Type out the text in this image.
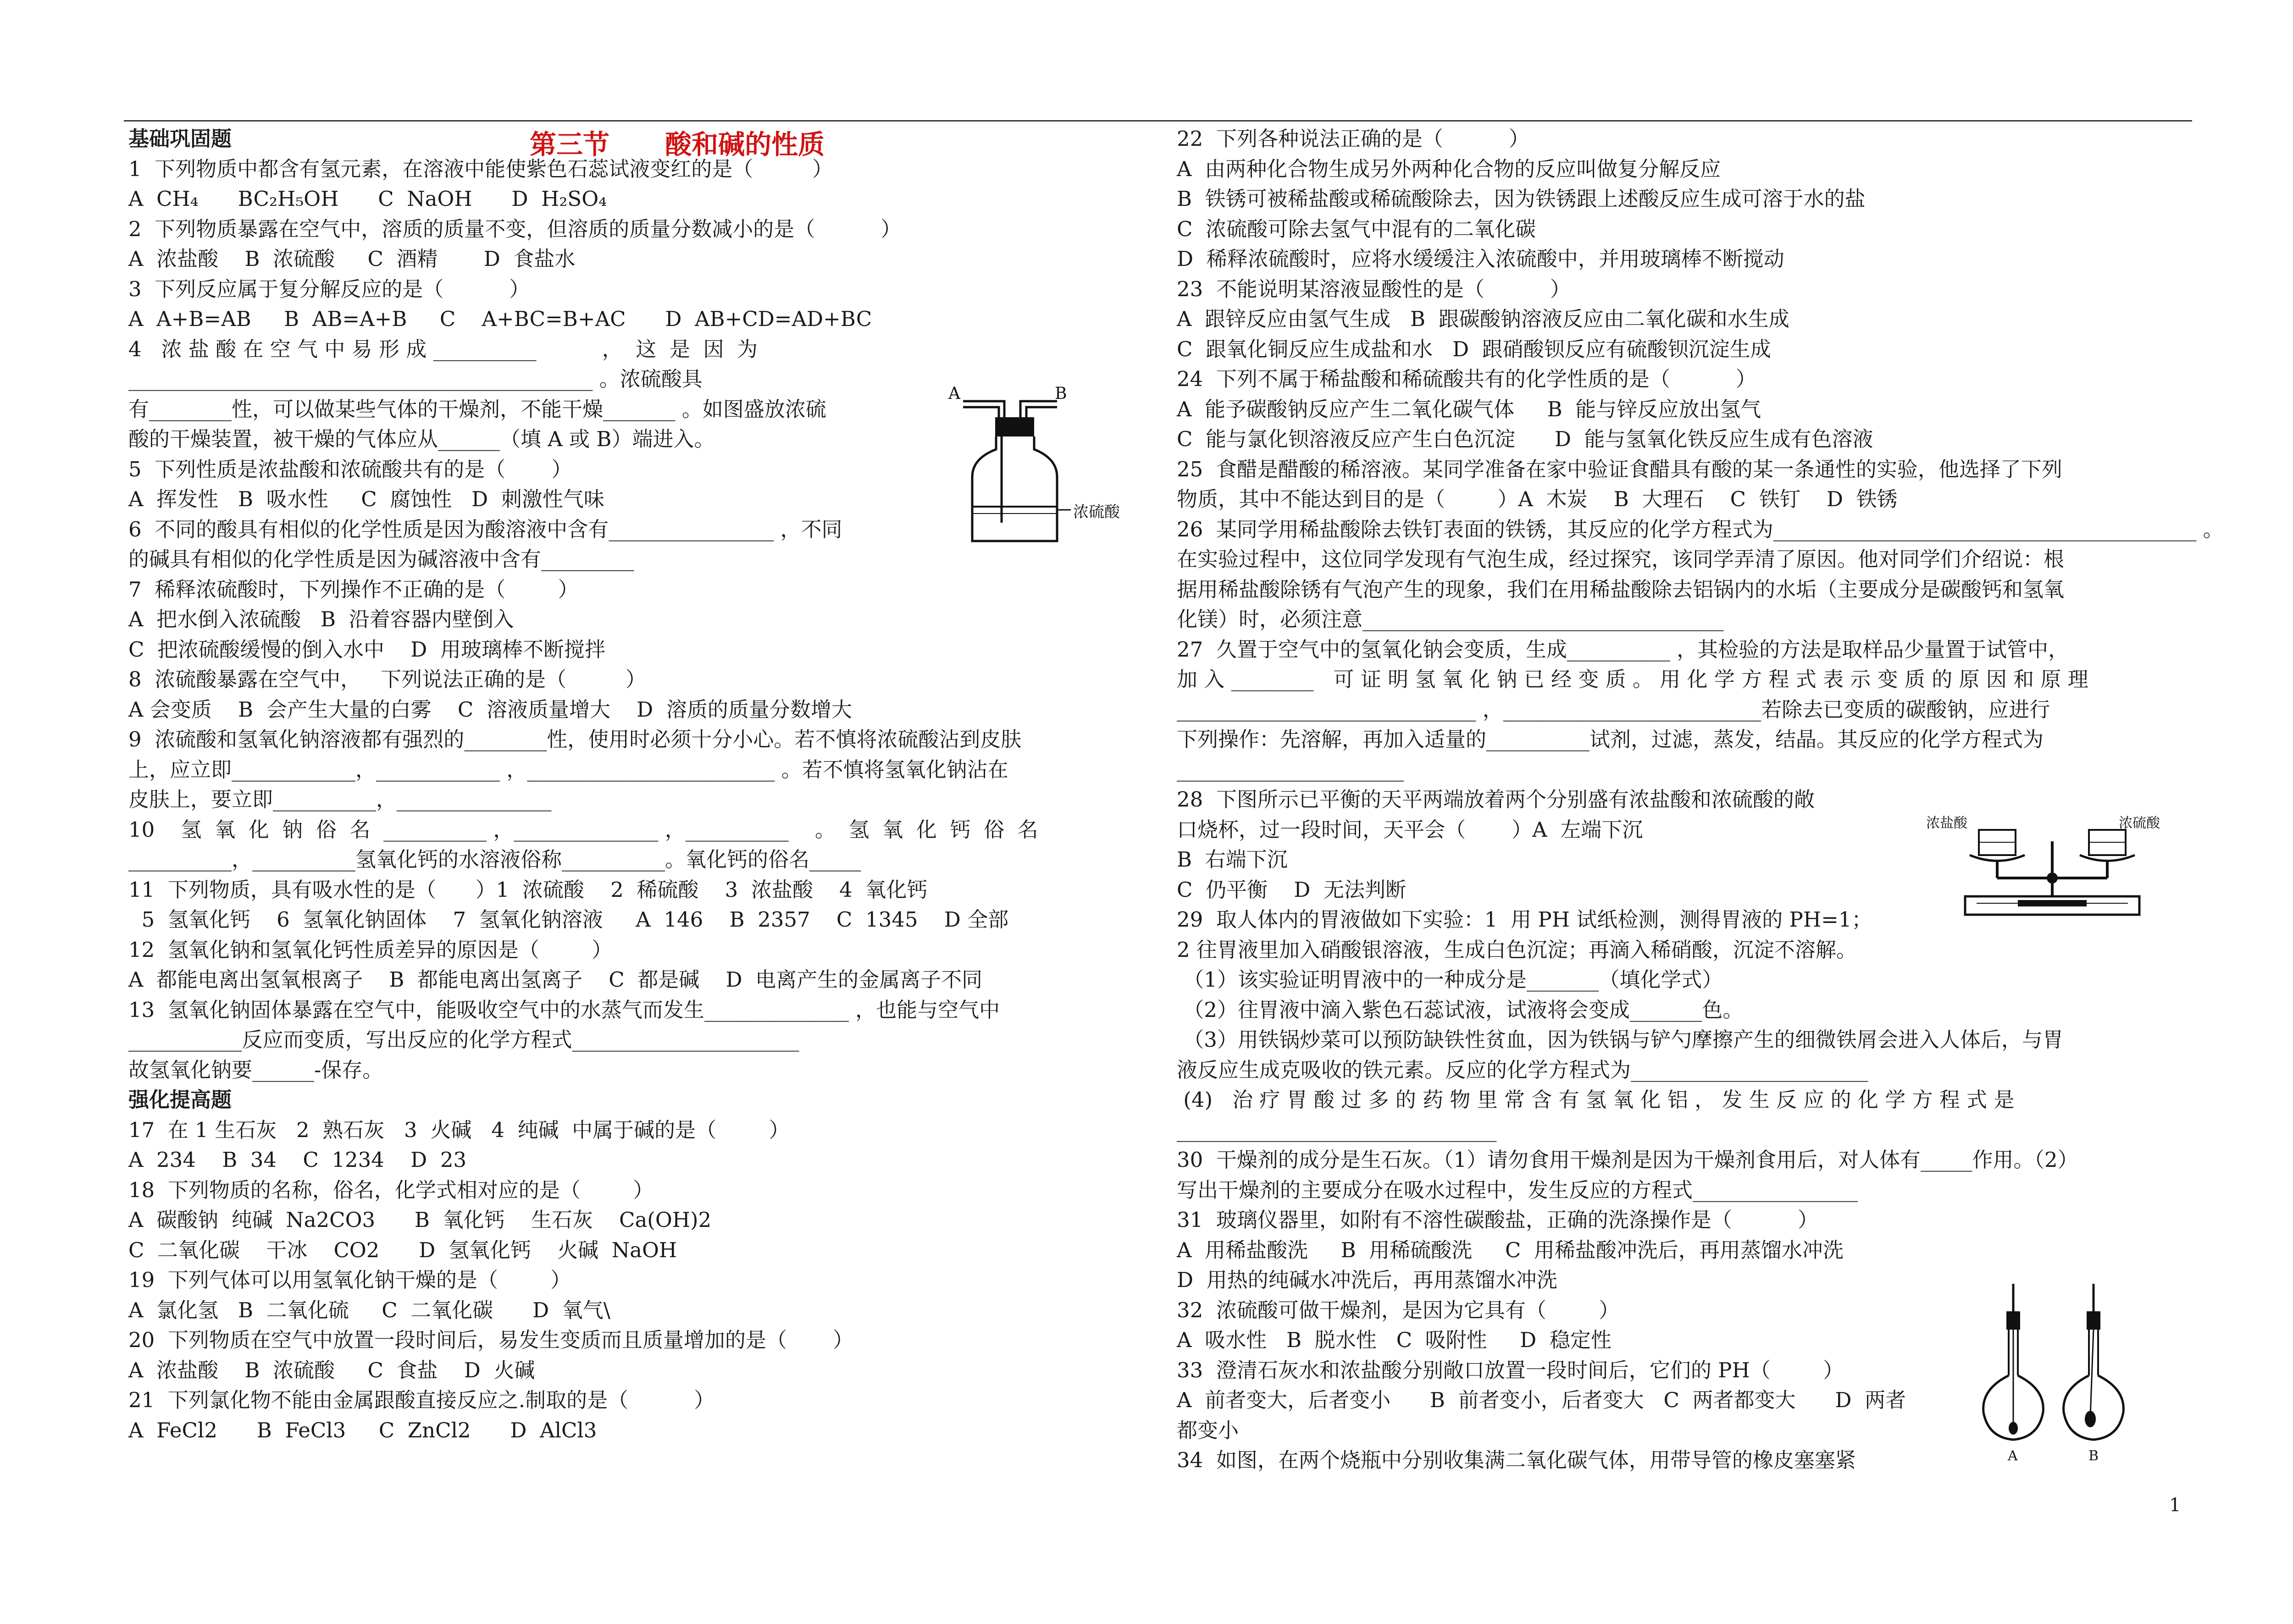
第三节      酸和碱的性质
基础巩固题
1  下列物质中都含有氢元素，在溶液中能使紫色石蕊试液变红的是（         ）
A  CH₄      BC₂H₅OH      C  NaOH      D  H₂SO₄
2  下列物质暴露在空气中，溶质的质量不变，但溶质的质量分数减小的是（          ）
A  浓盐酸    B  浓硫酸     C  酒精       D  食盐水
3  下列反应属于复分解反应的是（          ）
A  A+B=AB     B  AB=A+B     C    A+BC=B+AC      D  AB+CD=AD+BC
4   浓 盐 酸 在 空 气 中 易 形 成 __________          ，  这  是  因  为
_____________________________________________ 。浓硫酸具
有________性，可以做某些气体的干燥剂，不能干燥_______ 。如图盛放浓硫
酸的干燥装置，被干燥的气体应从______（填 A 或 B）端进入。
5  下列性质是浓盐酸和浓硫酸共有的是（       ）
A  挥发性   B  吸水性     C  腐蚀性   D  刺激性气味
6  不同的酸具有相似的化学性质是因为酸溶液中含有________________ ，不同
的碱具有相似的化学性质是因为碱溶液中含有_________
7  稀释浓硫酸时，下列操作不正确的是（        ）
A  把水倒入浓硫酸   B  沿着容器内壁倒入
C  把浓硫酸缓慢的倒入水中    D  用玻璃棒不断搅拌
8  浓硫酸暴露在空气中，   下列说法正确的是（         ）
A 会变质    B  会产生大量的白雾    C  溶液质量增大    D  溶质的质量分数增大
9  浓硫酸和氢氧化钠溶液都有强烈的________性，使用时必须十分小心。若不慎将浓硫酸沾到皮肤
上，应立即____________，____________ ，________________________ 。若不慎将氢氧化钠沾在
皮肤上，要立即__________，_______________
10    氢  氧  化  钠  俗  名  __________ ，______________ ，__________    。  氢  氧  化  钙  俗  名
__________，__________氢氧化钙的水溶液俗称__________。氧化钙的俗名_____
11  下列物质，具有吸水性的是（      ）1  浓硫酸    2  稀硫酸    3  浓盐酸    4  氧化钙
5  氢氧化钙    6  氢氧化钠固体    7  氢氧化钠溶液     A  146    B  2357    C  1345    D 全部
12  氢氧化钠和氢氧化钙性质差异的原因是（        ）
A  都能电离出氢氧根离子    B  都能电离出氢离子    C  都是碱    D  电离产生的金属离子不同
13  氢氧化钠固体暴露在空气中，能吸收空气中的水蒸气而发生______________ ，也能与空气中
___________反应而变质，写出反应的化学方程式______________________
故氢氧化钠要______-保存。
强化提高题
17  在 1 生石灰   2  熟石灰   3  火碱   4  纯碱  中属于碱的是（        ）
A  234    B  34    C  1234    D  23
18  下列物质的名称，俗名，化学式相对应的是（        ）
A  碳酸钠  纯碱  Na2CO3      B  氧化钙    生石灰    Ca(OH)2
C  二氧化碳    干冰    CO2      D  氢氧化钙    火碱  NaOH
19  下列气体可以用氢氧化钠干燥的是（        ）
A  氯化氢   B  二氧化硫     C  二氧化碳      D  氧气\
20  下列物质在空气中放置一段时间后，易发生变质而且质量增加的是（       ）
A  浓盐酸    B  浓硫酸     C  食盐    D  火碱
21  下列氯化物不能由金属跟酸直接反应之.制取的是（          ）
A  FeCl2      B  FeCl3     C  ZnCl2      D  AlCl3
22  下列各种说法正确的是（          ）
A  由两种化合物生成另外两种化合物的反应叫做复分解反应
B  铁锈可被稀盐酸或稀硫酸除去，因为铁锈跟上述酸反应生成可溶于水的盐
C  浓硫酸可除去氢气中混有的二氧化碳
D  稀释浓硫酸时，应将水缓缓注入浓硫酸中，并用玻璃棒不断搅动
23  不能说明某溶液显酸性的是（          ）
A  跟锌反应由氢气生成   B  跟碳酸钠溶液反应由二氧化碳和水生成
C  跟氧化铜反应生成盐和水   D  跟硝酸钡反应有硫酸钡沉淀生成
24  下列不属于稀盐酸和稀硫酸共有的化学性质的是（          ）
A  能予碳酸钠反应产生二氧化碳气体     B  能与锌反应放出氢气
C  能与氯化钡溶液反应产生白色沉淀      D  能与氢氧化铁反应生成有色溶液
25  食醋是醋酸的稀溶液。某同学准备在家中验证食醋具有酸的某一条通性的实验，他选择了下列
物质，其中不能达到目的是（        ）A  木炭    B  大理石    C  铁钉    D  铁锈
26  某同学用稀盐酸除去铁钉表面的铁锈，其反应的化学方程式为_________________________________________ 。
在实验过程中，这位同学发现有气泡生成，经过探究，该同学弄清了原因。他对同学们介绍说：根
据用稀盐酸除锈有气泡产生的现象，我们在用稀盐酸除去铝锅内的水垢（主要成分是碳酸钙和氢氧
化镁）时，必须注意___________________________________
27  久置于空气中的氢氧化钠会变质，生成__________ ，其检验的方法是取样品少量置于试管中，
加 入 ________   可 证 明 氢 氧 化 钠 已 经 变 质 。 用 化 学 方 程 式 表 示 变 质 的 原 因 和 原 理
_____________________________ ，_________________________若除去已变质的碳酸钠，应进行
下列操作：先溶解，再加入适量的__________试剂，过滤，蒸发，结晶。其反应的化学方程式为
______________________
28  下图所示已平衡的天平两端放着两个分别盛有浓盐酸和浓硫酸的敞
口烧杯，过一段时间，天平会（       ）A  左端下沉
B  右端下沉
C  仍平衡    D  无法判断
29  取人体内的胃液做如下实验：1  用 PH 试纸检测，测得胃液的 PH=1；
2 往胃液里加入硝酸银溶液，生成白色沉淀；再滴入稀硝酸，沉淀不溶解。
（1）该实验证明胃液中的一种成分是_______（填化学式）
（2）往胃液中滴入紫色石蕊试液，试液将会变成_______色。
（3）用铁锅炒菜可以预防缺铁性贫血，因为铁锅与铲勺摩擦产生的细微铁屑会进入人体后，与胃
液反应生成克吸收的铁元素。反应的化学方程式为_______________________
(4)   治 疗 胃 酸 过 多 的 药 物 里 常 含 有 氢 氧 化 铝 ， 发 生 反 应 的 化 学 方 程 式 是
_______________________________
30  干燥剂的成分是生石灰。（1）请勿食用干燥剂是因为干燥剂食用后，对人体有_____作用。（2）
写出干燥剂的主要成分在吸水过程中，发生反应的方程式________________
31  玻璃仪器里，如附有不溶性碳酸盐，正确的洗涤操作是（          ）
A  用稀盐酸洗     B  用稀硫酸洗     C  用稀盐酸冲洗后，再用蒸馏水冲洗
D  用热的纯碱水冲洗后，再用蒸馏水冲洗
32  浓硫酸可做干燥剂，是因为它具有（        ）
A  吸水性   B  脱水性   C  吸附性     D  稳定性
33  澄清石灰水和浓盐酸分别敞口放置一段时间后，它们的 PH（        ）
A  前者变大，后者变小      B  前者变小，后者变大   C  两者都变大      D  两者
都变小
34  如图，在两个烧瓶中分别收集满二氧化碳气体，用带导管的橡皮塞塞紧
A	B
浓硫酸
浓盐酸	浓硫酸
A	B
1
